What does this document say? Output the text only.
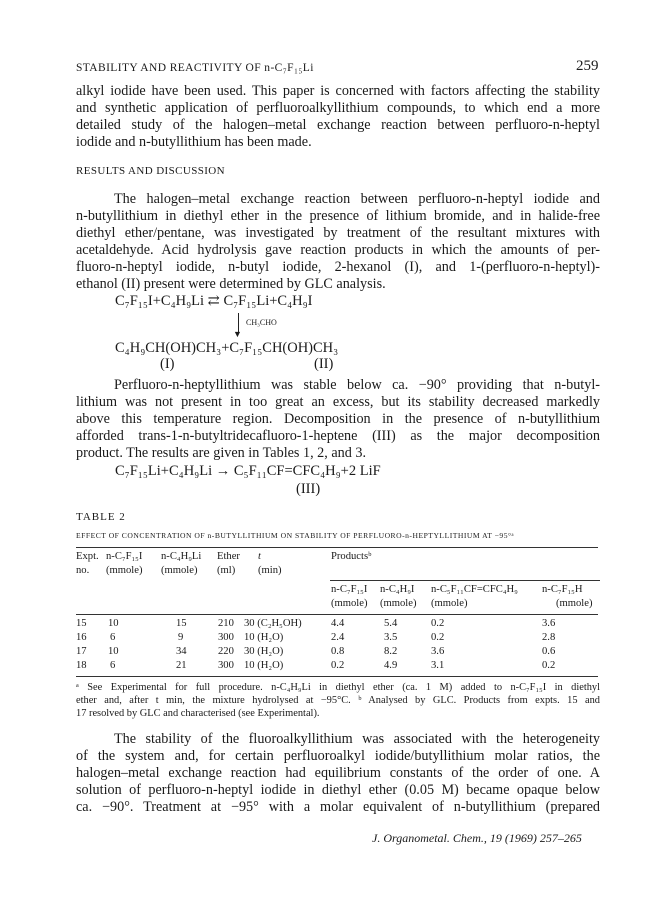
STABILITY AND REACTIVITY OF n-C₇F₁₅Li	259
alkyl iodide have been used. This paper is concerned with factors affecting the stability
and synthetic application of perfluoroalkyllithium compounds, to which end a more
detailed study of the halogen–metal exchange reaction between perfluoro-n-heptyl
iodide and n-butyllithium has been made.
RESULTS AND DISCUSSION
The halogen–metal exchange reaction between perfluoro-n-heptyl iodide and
n-butyllithium in diethyl ether in the presence of lithium bromide, and in halide-free
diethyl ether/pentane, was investigated by treatment of the resultant mixtures with
acetaldehyde. Acid hydrolysis gave reaction products in which the amounts of per-
fluoro-n-heptyl iodide, n-butyl iodide, 2-hexanol (I), and 1-(perfluoro-n-heptyl)-
ethanol (II) present were determined by GLC analysis.
C₇F₁₅I+C₄H₉Li ⇄ C₇F₁₅Li+C₄H₉I
▼
CH₃CHO
C₄H₉CH(OH)CH₃+C₇F₁₅CH(OH)CH₃
(I)	(II)
Perfluoro-n-heptyllithium was stable below ca. −90° providing that n-butyl-
lithium was not present in too great an excess, but its stability decreased markedly
above this temperature region. Decomposition in the presence of n-butyllithium
afforded trans-1-n-butyltridecafluoro-1-heptene (III) as the major decomposition
product. The results are given in Tables 1, 2, and 3.
C₇F₁₅Li+C₄H₉Li → C₅F₁₁CF=CFC₄H₉+2 LiF
(III)
TABLE 2
EFFECT OF CONCENTRATION OF n-BUTYLLITHIUM ON STABILITY OF PERFLUORO-n-HEPTYLLITHIUM AT −95°ᵃ
Expt. n-C₇F₁₅I n-C₄H₉Li Ether t	Productsᵇ
no. (mmole) (mmole) (ml) (min)
n-C₇F₁₅I n-C₄H₉I n-C₅F₁₁CF=CFC₄H₉ n-C₇F₁₅H
(mmole) (mmole) (mmole)	(mmole)
15 10	15	210 30 (C₂H₅OH)	4.4	5.4	0.2	3.6
16 6	9	300 10 (H₂O)	2.4	3.5	0.2	2.8
17 10	34	220 30 (H₂O)	0.8	8.2	3.6	0.6
18 6	21	300 10 (H₂O)	0.2	4.9	3.1	0.2
ᵃ See Experimental for full procedure. n-C₄H₉Li in diethyl ether (ca. 1 M) added to n-C₇F₁₅I in diethyl
ether and, after t min, the mixture hydrolysed at −95°C. ᵇ Analysed by GLC. Products from expts. 15 and
17 resolved by GLC and characterised (see Experimental).
The stability of the fluoroalkyllithium was associated with the heterogeneity
of the system and, for certain perfluoroalkyl iodide/butyllithium molar ratios, the
halogen–metal exchange reaction had equilibrium constants of the order of one. A
solution of perfluoro-n-heptyl iodide in diethyl ether (0.05 M) became opaque below
ca. −90°. Treatment at −95° with a molar equivalent of n-butyllithium (prepared
J. Organometal. Chem., 19 (1969) 257–265
